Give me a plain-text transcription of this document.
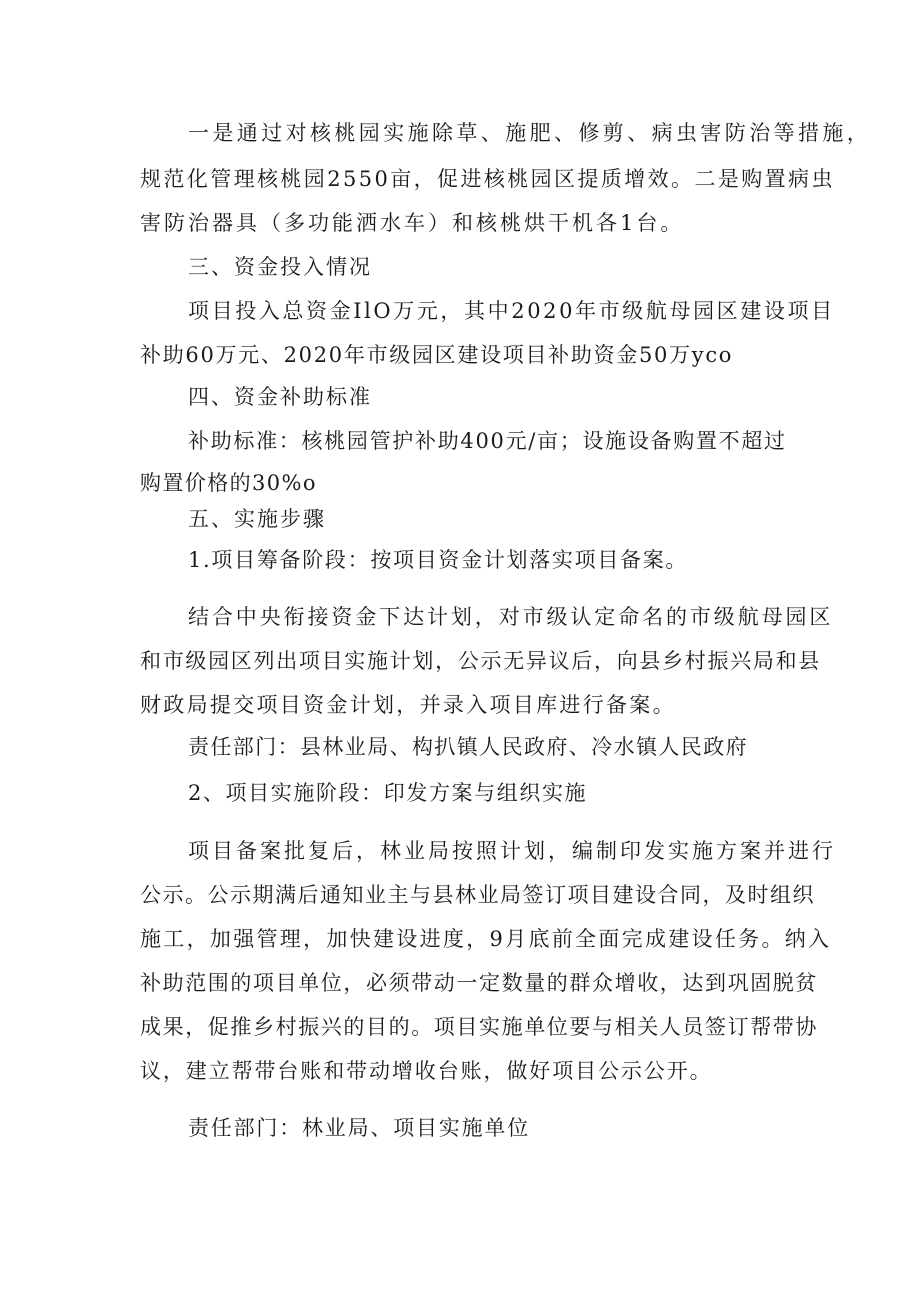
一是通过对核桃园实施除草、施肥、修剪、病虫害防治等措施，
规范化管理核桃园2550亩，促进核桃园区提质增效。二是购置病虫
害防治器具（多功能洒水车）和核桃烘干机各1台。
三、资金投入情况
项目投入总资金IlO万元，其中2020年市级航母园区建设项目
补助60万元、2020年市级园区建设项目补助资金50万yco
四、资金补助标准
补助标准：核桃园管护补助400元/亩；设施设备购置不超过
购置价格的30%o
五、实施步骤
1.项目筹备阶段：按项目资金计划落实项目备案。
结合中央衔接资金下达计划，对市级认定命名的市级航母园区
和市级园区列出项目实施计划，公示无异议后，向县乡村振兴局和县
财政局提交项目资金计划，并录入项目库进行备案。
责任部门：县林业局、构扒镇人民政府、冷水镇人民政府
2、项目实施阶段：印发方案与组织实施
项目备案批复后，林业局按照计划，编制印发实施方案并进行
公示。公示期满后通知业主与县林业局签订项目建设合同，及时组织
施工，加强管理，加快建设进度，9月底前全面完成建设任务。纳入
补助范围的项目单位，必须带动一定数量的群众增收，达到巩固脱贫
成果，促推乡村振兴的目的。项目实施单位要与相关人员签订帮带协
议，建立帮带台账和带动增收台账，做好项目公示公开。
责任部门：林业局、项目实施单位
